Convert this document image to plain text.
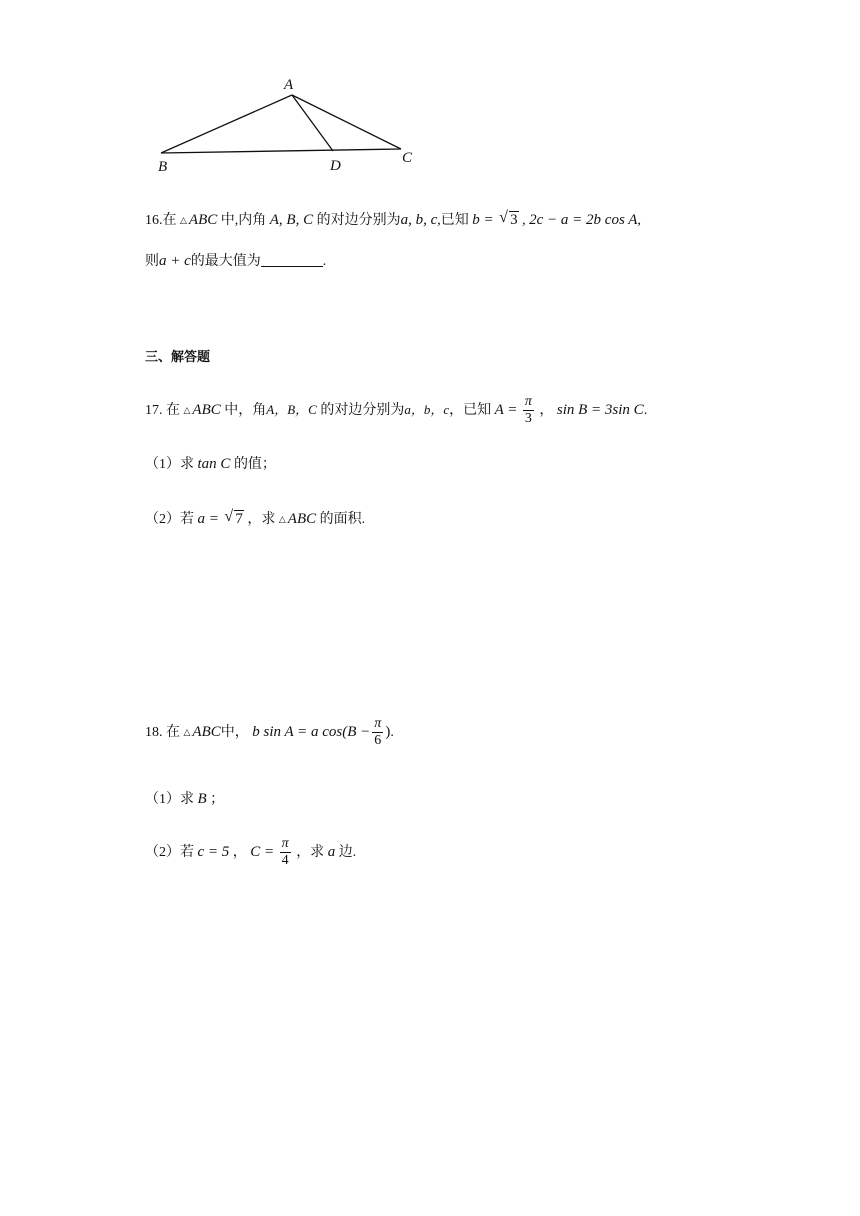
A
B
C
D
16.在 △ ABC 中,内角 A, B, C 的对边分别为a, b, c,已知 b = √ 3 , 2c − a = 2b cos A,
则a + c的最大值为	.
三、解答题
17. 在 △ ABC 中，角A，B，C 的对边分别为a，b，c，已知 $A = \frac{\pi}{3}$ ， sin B = 3sin C.
（1）求 tan C 的值；
（2）若 a = √ 7 ，求 △ ABC 的面积.
18. 在 △ ABC中， b sin A = a $\cos(B - \frac{\pi}{6}$ ).
（1）求 B ；
（2）若 c = 5 ， $C = \frac{\pi}{4}$ ，求 a 边.
